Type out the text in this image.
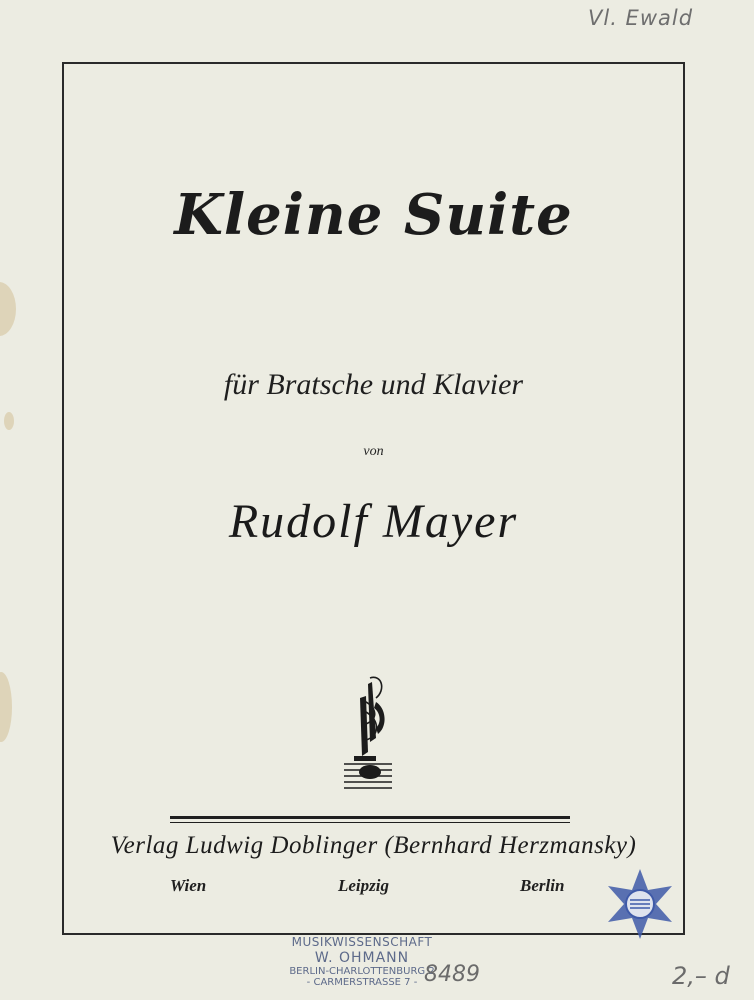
Vl. Ewald
Kleine Suite
für Bratsche und Klavier
von
Rudolf Mayer
Verlag Ludwig Doblinger (Bernhard Herzmansky)
Wien	Leipzig	Berlin
MUSIKWISSENSCHAFT
W. OHMANN
BERLIN-CHARLOTTENBURG 2
- CARMERSTRASSE 7 - 8489	2,– d
